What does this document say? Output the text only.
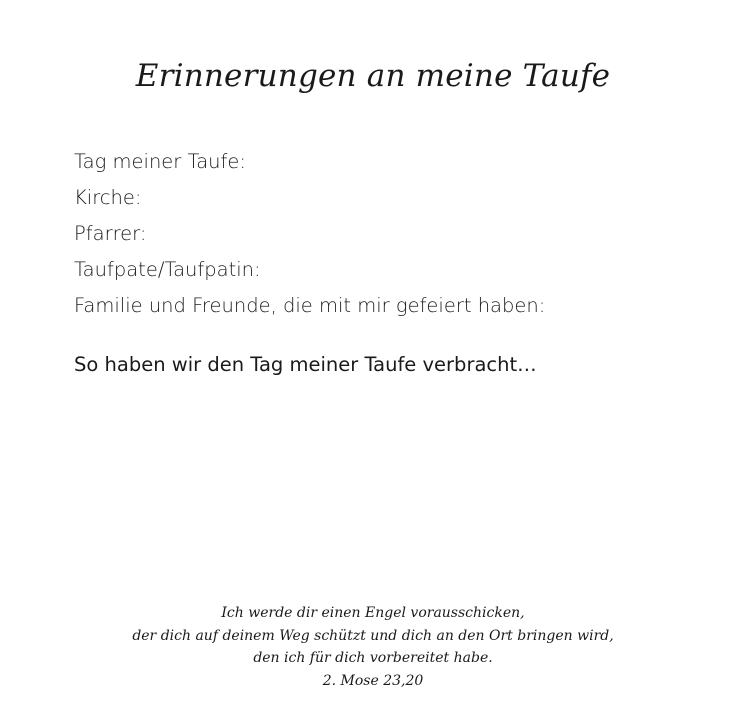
Erinnerungen an meine Taufe
Tag meiner Taufe:
Kirche:
Pfarrer:
Taufpate/Taufpatin:
Familie und Freunde, die mit mir gefeiert haben:
So haben wir den Tag meiner Taufe verbracht…
Ich werde dir einen Engel vorausschicken,
der dich auf deinem Weg schützt und dich an den Ort bringen wird,
den ich für dich vorbereitet habe.
2. Mose 23,20
